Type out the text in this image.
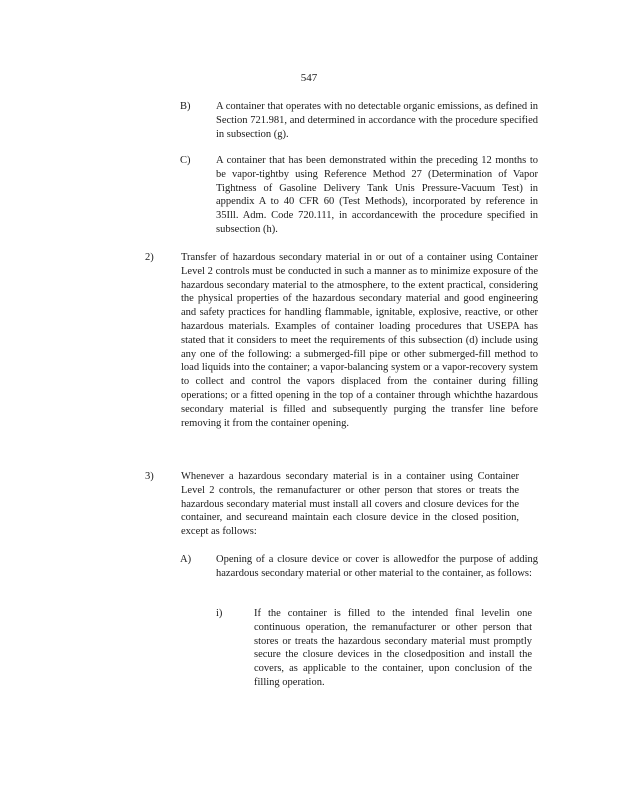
547
B) A container that operates with no detectable organic emissions, as defined in Section 721.981, and determined in accordance with the procedure specified in subsection (g).
C) A container that has been demonstrated within the preceding 12 months to be vapor-tightby using Reference Method 27 (Determination of Vapor Tightness of Gasoline Delivery Tank Unis Pressure-Vacuum Test) in appendix A to 40 CFR 60 (Test Methods), incorporated by reference in 35Ill. Adm. Code 720.111, in accordancewith the procedure specified in subsection (h).
2)	Transfer of hazardous secondary material in or out of a container using Container Level 2 controls must be conducted in such a manner as to minimize exposure of the hazardous secondary material to the atmosphere, to the extent practical, considering the physical properties of the hazardous secondary material and good engineering and safety practices for handling flammable, ignitable, explosive, reactive, or other hazardous materials. Examples of container loading procedures that USEPA has stated that it considers to meet the requirements of this subsection (d) include using any one of the following: a submerged-fill pipe or other submerged-fill method to load liquids into the container; a vapor-balancing system or a vapor-recovery system to collect and control the vapors displaced from the container during filling operations; or a fitted opening in the top of a container through whichthe hazardous secondary material is filled and subsequently purging the transfer line before removing it from the container opening.
3)	Whenever a hazardous secondary material is in a container using Container Level 2 controls, the remanufacturer or other person that stores or treats the hazardous secondary material must install all covers and closure devices for the container, and secureand maintain each closure device in the closed position, except as follows:
A) Opening of a closure device or cover is allowedfor the purpose of adding hazardous secondary material or other material to the container, as follows:
i)	If the container is filled to the intended final levelin one continuous operation, the remanufacturer or other person that stores or treats the hazardous secondary material must promptly secure the closure devices in the closedposition and install the covers, as applicable to the container, upon conclusion of the filling operation.
